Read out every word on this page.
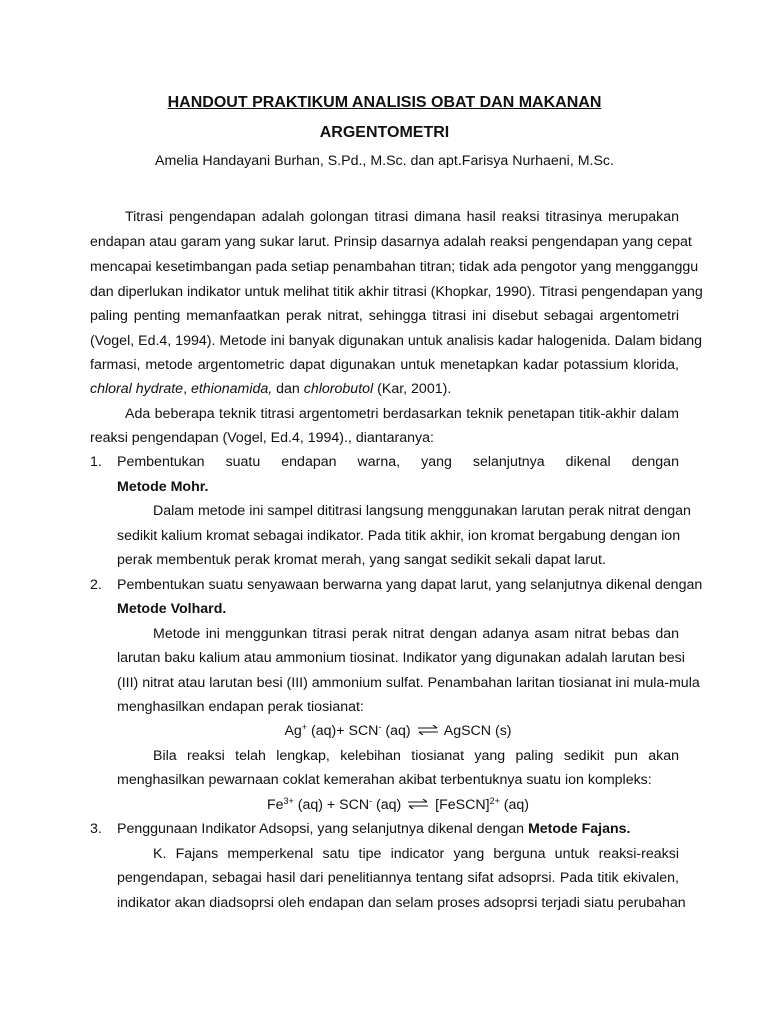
HANDOUT PRAKTIKUM ANALISIS OBAT DAN MAKANAN
ARGENTOMETRI
Amelia Handayani Burhan, S.Pd., M.Sc. dan apt.Farisya Nurhaeni, M.Sc.
Titrasi pengendapan adalah golongan titrasi dimana hasil reaksi titrasinya merupakan
endapan atau garam yang sukar larut. Prinsip dasarnya adalah reaksi pengendapan yang cepat
mencapai kesetimbangan pada setiap penambahan titran; tidak ada pengotor yang mengganggu
dan diperlukan indikator untuk melihat titik akhir titrasi (Khopkar, 1990). Titrasi pengendapan yang
paling penting memanfaatkan perak nitrat, sehingga titrasi ini disebut sebagai argentometri
(Vogel, Ed.4, 1994). Metode ini banyak digunakan untuk analisis kadar halogenida. Dalam bidang
farmasi, metode argentometric dapat digunakan untuk menetapkan kadar potassium klorida,
chloral hydrate, ethionamida, dan chlorobutol (Kar, 2001).
Ada beberapa teknik titrasi argentometri berdasarkan teknik penetapan titik-akhir dalam
reaksi pengendapan (Vogel, Ed.4, 1994)., diantaranya:
1.	Pembentukan suatu endapan warna, yang selanjutnya dikenal dengan
Metode Mohr.
Dalam metode ini sampel dititrasi langsung menggunakan larutan perak nitrat dengan
sedikit kalium kromat sebagai indikator. Pada titik akhir, ion kromat bergabung dengan ion
perak membentuk perak kromat merah, yang sangat sedikit sekali dapat larut.
2.	Pembentukan suatu senyawaan berwarna yang dapat larut, yang selanjutnya dikenal dengan
Metode Volhard.
Metode ini menggunkan titrasi perak nitrat dengan adanya asam nitrat bebas dan
larutan baku kalium atau ammonium tiosinat. Indikator yang digunakan adalah larutan besi
(III) nitrat atau larutan besi (III) ammonium sulfat. Penambahan laritan tiosianat ini mula-mula
menghasilkan endapan perak tiosianat:
Ag+ (aq)+ SCN- (aq) ⇌ AgSCN (s)
Bila reaksi telah lengkap, kelebihan tiosianat yang paling sedikit pun akan
menghasilkan pewarnaan coklat kemerahan akibat terbentuknya suatu ion kompleks:
$Fe^{3+}$ (aq) + SCN- (aq) ⇌ [FeSCN]$^{2+}$ (aq)
3.	Penggunaan Indikator Adsopsi, yang selanjutnya dikenal dengan Metode Fajans.
K. Fajans memperkenal satu tipe indicator yang berguna untuk reaksi-reaksi
pengendapan, sebagai hasil dari penelitiannya tentang sifat adsoprsi. Pada titik ekivalen,
indikator akan diadsoprsi oleh endapan dan selam proses adsoprsi terjadi siatu perubahan
